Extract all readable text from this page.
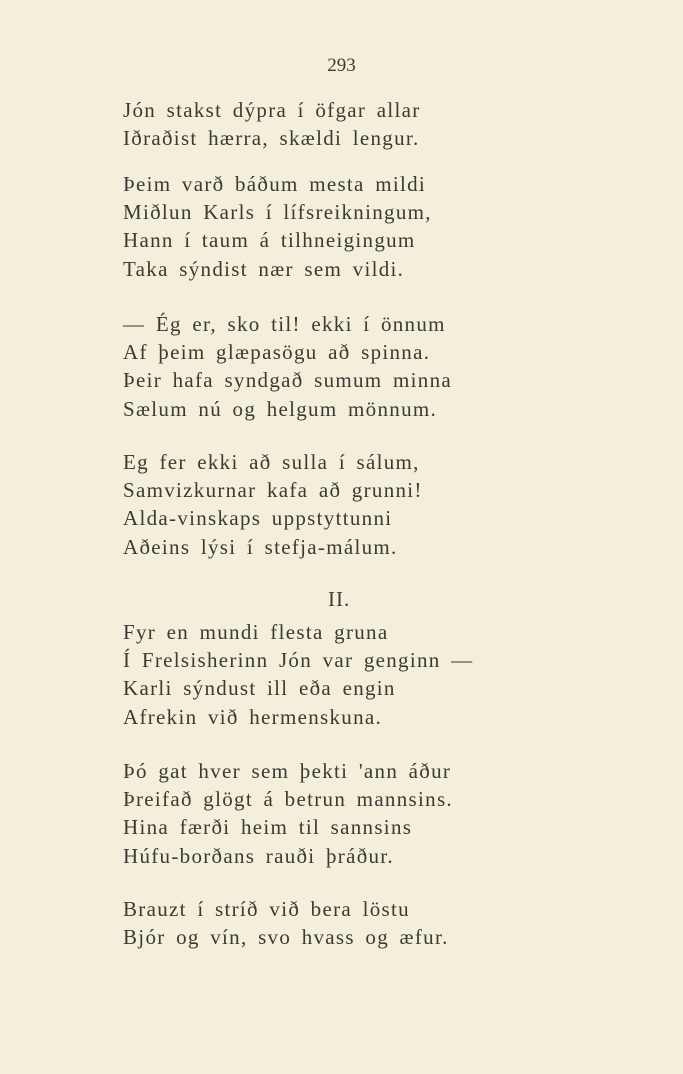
293
Jón stakst dýpra í öfgar allar
Iðraðist hærra, skældi lengur.
Þeim varð báðum mesta mildi
Miðlun Karls í lífsreikningum,
Hann í taum á tilhneigingum
Taka sýndist nær sem vildi.
— Ég er, sko til! ekki í önnum
Af þeim glæpasögu að spinna.
Þeir hafa syndgað sumum minna
Sælum nú og helgum mönnum.
Eg fer ekki að sulla í sálum,
Samvizkurnar kafa að grunni!
Alda-vinskaps uppstyttunni
Aðeins lýsi í stefja-málum.
II.
Fyr en mundi flesta gruna
Í Frelsisherinn Jón var genginn —
Karli sýndust ill eða engin
Afrekin við hermenskuna.
Þó gat hver sem þekti 'ann áður
Þreifað glögt á betrun mannsins.
Hina færði heim til sannsins
Húfu-borðans rauði þráður.
Brauzt í stríð við bera löstu
Bjór og vín, svo hvass og æfur.
